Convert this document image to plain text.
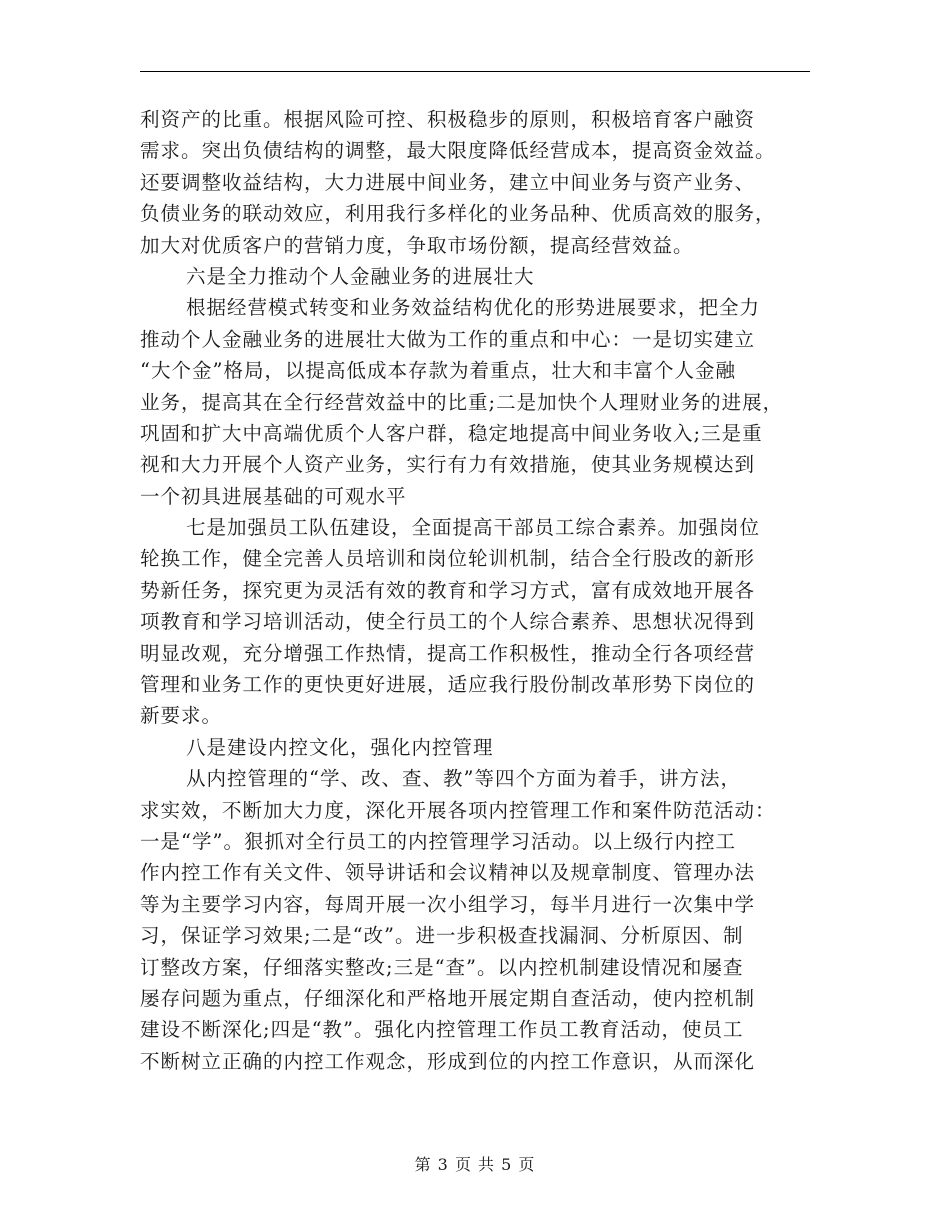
利资产的比重。根据风险可控、积极稳步的原则，积极培育客户融资
需求。突出负债结构的调整，最大限度降低经营成本，提高资金效益。
还要调整收益结构，大力进展中间业务，建立中间业务与资产业务、
负债业务的联动效应，利用我行多样化的业务品种、优质高效的服务，
加大对优质客户的营销力度，争取市场份额，提高经营效益。
六是全力推动个人金融业务的进展壮大
根据经营模式转变和业务效益结构优化的形势进展要求，把全力
推动个人金融业务的进展壮大做为工作的重点和中心：一是切实建立
“大个金”格局，以提高低成本存款为着重点，壮大和丰富个人金融
业务，提高其在全行经营效益中的比重;二是加快个人理财业务的进展，
巩固和扩大中高端优质个人客户群，稳定地提高中间业务收入;三是重
视和大力开展个人资产业务，实行有力有效措施，使其业务规模达到
一个初具进展基础的可观水平
七是加强员工队伍建设，全面提高干部员工综合素养。加强岗位
轮换工作，健全完善人员培训和岗位轮训机制，结合全行股改的新形
势新任务，探究更为灵活有效的教育和学习方式，富有成效地开展各
项教育和学习培训活动，使全行员工的个人综合素养、思想状况得到
明显改观，充分增强工作热情，提高工作积极性，推动全行各项经营
管理和业务工作的更快更好进展，适应我行股份制改革形势下岗位的
新要求。
八是建设内控文化，强化内控管理
从内控管理的“学、改、查、教”等四个方面为着手，讲方法，
求实效，不断加大力度，深化开展各项内控管理工作和案件防范活动：
一是“学”。狠抓对全行员工的内控管理学习活动。以上级行内控工
作内控工作有关文件、领导讲话和会议精神以及规章制度、管理办法
等为主要学习内容，每周开展一次小组学习，每半月进行一次集中学
习，保证学习效果;二是“改”。进一步积极查找漏洞、分析原因、制
订整改方案，仔细落实整改;三是“查”。以内控机制建设情况和屡查
屡存问题为重点，仔细深化和严格地开展定期自查活动，使内控机制
建设不断深化;四是“教”。强化内控管理工作员工教育活动，使员工
不断树立正确的内控工作观念，形成到位的内控工作意识，从而深化
第 3 页 共 5 页
